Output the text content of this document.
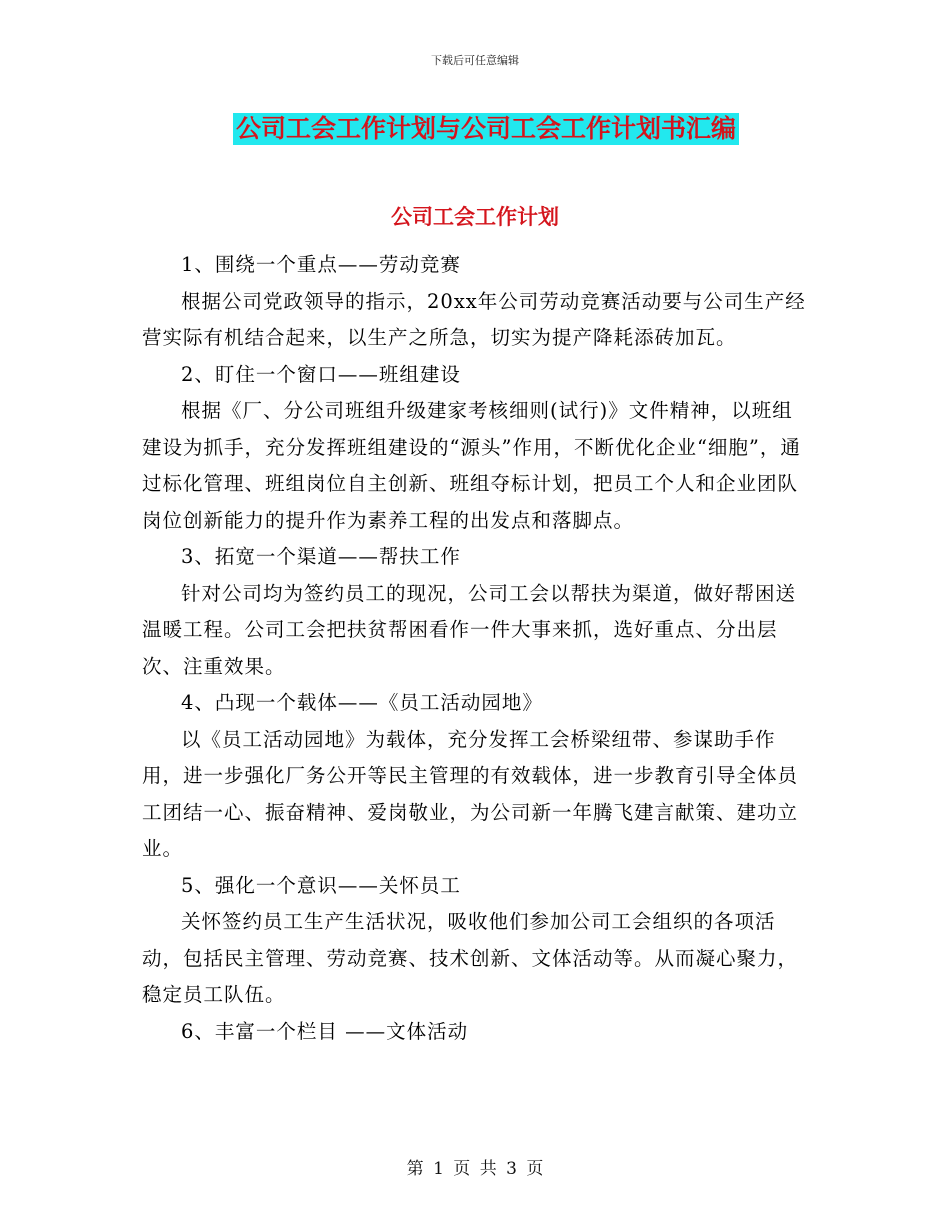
下载后可任意编辑
公司工会工作计划与公司工会工作计划书汇编
公司工会工作计划

1、围绕一个重点——劳动竞赛

根据公司党政领导的指示，20xx年公司劳动竞赛活动要与公司生产经营实际有机结合起来，以生产之所急，切实为提产降耗添砖加瓦。

2、盯住一个窗口——班组建设

根据《厂、分公司班组升级建家考核细则(试行)》文件精神，以班组建设为抓手，充分发挥班组建设的“源头”作用，不断优化企业“细胞”，通过标化管理、班组岗位自主创新、班组夺标计划，把员工个人和企业团队岗位创新能力的提升作为素养工程的出发点和落脚点。

3、拓宽一个渠道——帮扶工作

针对公司均为签约员工的现况，公司工会以帮扶为渠道，做好帮困送温暖工程。公司工会把扶贫帮困看作一件大事来抓，选好重点、分出层次、注重效果。

4、凸现一个载体——《员工活动园地》

以《员工活动园地》为载体，充分发挥工会桥梁纽带、参谋助手作用，进一步强化厂务公开等民主管理的有效载体，进一步教育引导全体员工团结一心、振奋精神、爱岗敬业，为公司新一年腾飞建言献策、建功立业。

5、强化一个意识——关怀员工

关怀签约员工生产生活状况，吸收他们参加公司工会组织的各项活动，包括民主管理、劳动竞赛、技术创新、文体活动等。从而凝心聚力，稳定员工队伍。

6、丰富一个栏目 ——文体活动

第 1 页 共 3 页
